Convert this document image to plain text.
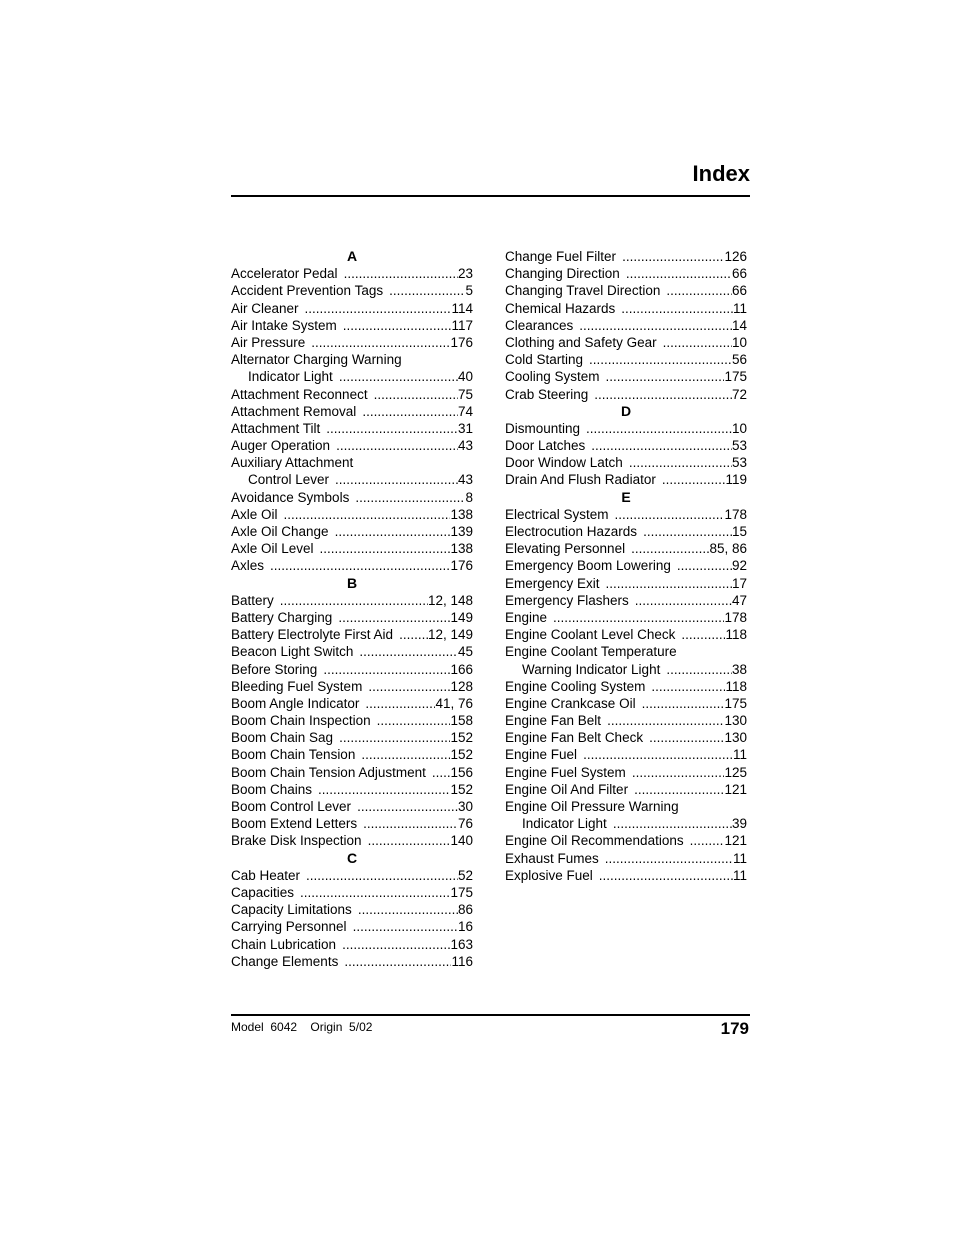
Index
A
Accelerator Pedal .....	23
Accident Prevention Tags .....	5
Air Cleaner .....	114
Air Intake System .....	117
Air Pressure .....	176
Alternator Charging Warning
Indicator Light .....	40
Attachment Reconnect .....	75
Attachment Removal .....	74
Attachment Tilt .....	31
Auger Operation .....	43
Auxiliary Attachment
Control Lever .....	43
Avoidance Symbols .....	8
Axle Oil .....	138
Axle Oil Change .....	139
Axle Oil Level .....	138
Axles .....	176
B
Battery .....	12, 148
Battery Charging .....	149
Battery Electrolyte First Aid .....	12, 149
Beacon Light Switch .....	45
Before Storing .....	166
Bleeding Fuel System .....	128
Boom Angle Indicator .....	41, 76
Boom Chain Inspection .....	158
Boom Chain Sag .....	152
Boom Chain Tension .....	152
Boom Chain Tension Adjustment .....	156
Boom Chains .....	152
Boom Control Lever .....	30
Boom Extend Letters .....	76
Brake Disk Inspection .....	140
C
Cab Heater .....	52
Capacities .....	175
Capacity Limitations .....	86
Carrying Personnel .....	16
Chain Lubrication .....	163
Change Elements .....	116
Change Fuel Filter .....	126
Changing Direction .....	66
Changing Travel Direction .....	66
Chemical Hazards .....	11
Clearances .....	14
Clothing and Safety Gear .....	10
Cold Starting .....	56
Cooling System .....	175
Crab Steering .....	72
D
Dismounting .....	10
Door Latches .....	53
Door Window Latch .....	53
Drain And Flush Radiator .....	119
E
Electrical System .....	178
Electrocution Hazards .....	15
Elevating Personnel .....	85, 86
Emergency Boom Lowering .....	92
Emergency Exit .....	17
Emergency Flashers .....	47
Engine .....	178
Engine Coolant Level Check .....	118
Engine Coolant Temperature
Warning Indicator Light .....	38
Engine Cooling System .....	118
Engine Crankcase Oil .....	175
Engine Fan Belt .....	130
Engine Fan Belt Check .....	130
Engine Fuel .....	11
Engine Fuel System .....	125
Engine Oil And Filter .....	121
Engine Oil Pressure Warning
Indicator Light .....	39
Engine Oil Recommendations .....	121
Exhaust Fumes .....	11
Explosive Fuel .....	11
Model  6042    Origin  5/02	179
